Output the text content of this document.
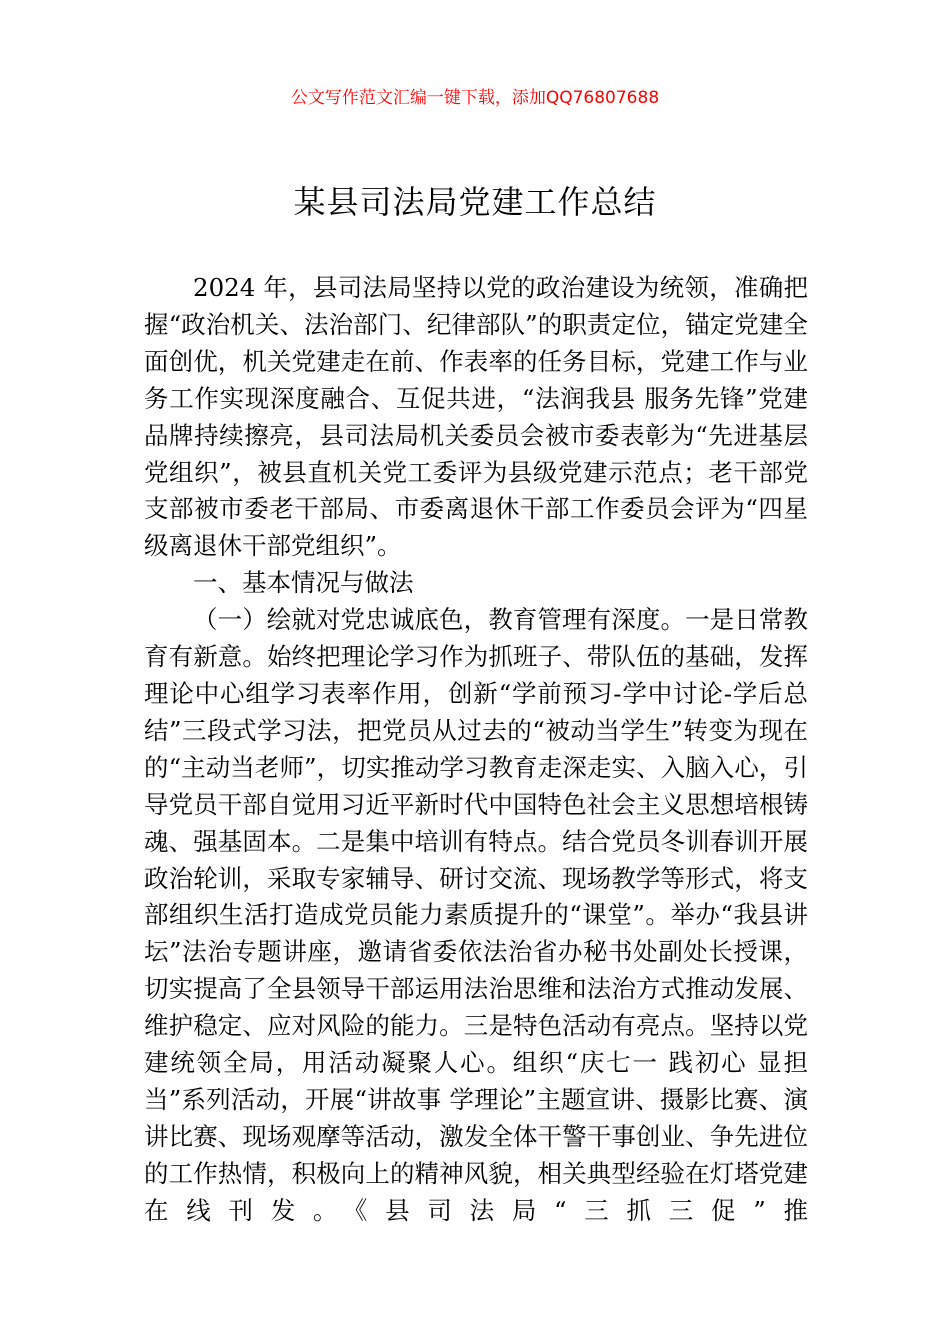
公文写作范文汇编一键下载，添加QQ76807688
某县司法局党建工作总结

2024 年，县司法局坚持以党的政治建设为统领，准确把握“政治机关、法治部门、纪律部队”的职责定位，锚定党建全面创优，机关党建走在前、作表率的任务目标，党建工作与业务工作实现深度融合、互促共进，“法润我县 服务先锋”党建品牌持续擦亮，县司法局机关委员会被市委表彰为“先进基层党组织”，被县直机关党工委评为县级党建示范点；老干部党支部被市委老干部局、市委离退休干部工作委员会评为“四星级离退休干部党组织”。

一、基本情况与做法

（一）绘就对党忠诚底色，教育管理有深度。一是日常教育有新意。始终把理论学习作为抓班子、带队伍的基础，发挥理论中心组学习表率作用，创新“学前预习-学中讨论-学后总结”三段式学习法，把党员从过去的“被动当学生”转变为现在的“主动当老师”，切实推动学习教育走深走实、入脑入心，引导党员干部自觉用习近平新时代中国特色社会主义思想培根铸魂、强基固本。二是集中培训有特点。结合党员冬训春训开展政治轮训，采取专家辅导、研讨交流、现场教学等形式，将支部组织生活打造成党员能力素质提升的“课堂”。举办“我县讲坛”法治专题讲座，邀请省委依法治省办秘书处副处长授课，切实提高了全县领导干部运用法治思维和法治方式推动发展、维护稳定、应对风险的能力。三是特色活动有亮点。坚持以党建统领全局，用活动凝聚人心。组织“庆七一 践初心 显担当”系列活动，开展“讲故事 学理论”主题宣讲、摄影比赛、演讲比赛、现场观摩等活动，激发全体干警干事创业、争先进位的工作热情，积极向上的精神风貌，相关典型经验在灯塔党建在线刊发。《县司法局“三抓三促”推
